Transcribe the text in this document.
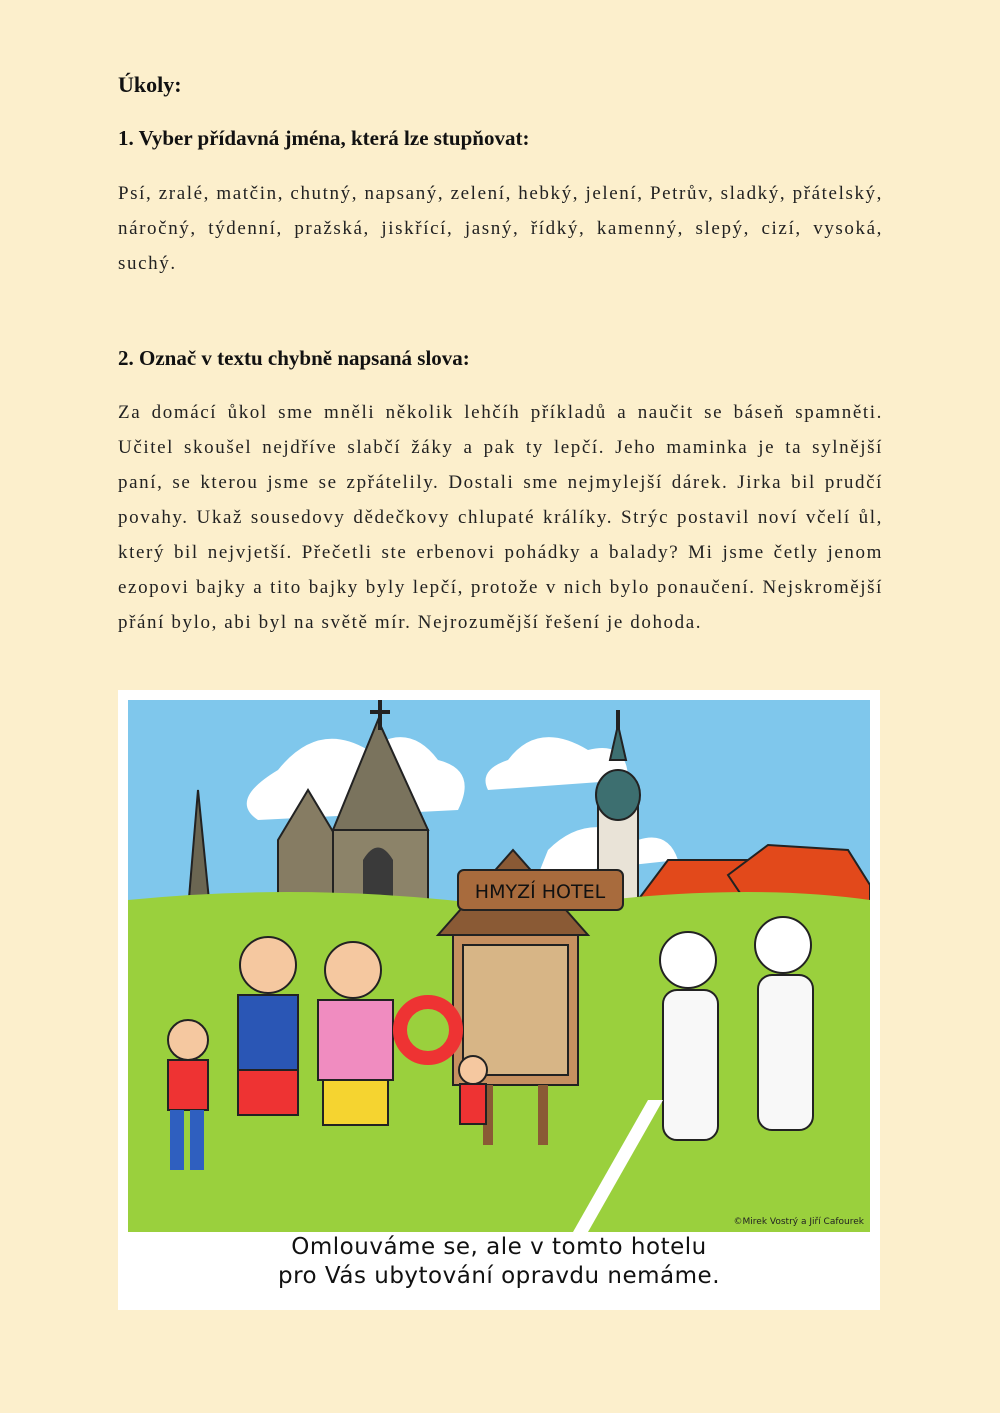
Úkoly:
1. Vyber přídavná jména, která lze stupňovat:

Psí, zralé, matčin, chutný, napsaný, zelení, hebký, jelení, Petrův, sladký, přátelský, náročný, týdenní, pražská, jiskřící, jasný, řídký, kamenný, slepý, cizí, vysoká, suchý.

2. Označ v textu chybně napsaná slova:

Za domácí ůkol sme mněli několik lehčíh příkladů a naučit se báseň spamněti. Učitel skoušel nejdříve slabčí žáky a pak ty lepčí. Jeho maminka je ta sylnější paní, se kterou jsme se zpřátelily. Dostali sme nejmylejší dárek. Jirka bil prudčí povahy. Ukaž sousedovy dědečkovy chlupaté králíky. Strýc postavil noví včelí ůl, který bil nejvjetší. Přečetli ste erbenovi pohádky a balady? Mi jsme četly jenom ezopovi bajky a tito bajky byly lepčí, protože v nich bylo ponaučení. Nejskromější přání bylo, abi byl na světě mír. Nejrozumější řešení je dohoda.

HMYZÍ HOTEL
©Mirek Vostrý a Jiří Cafourek
Omlouváme se, ale v tomto hotelu
pro Vás ubytování opravdu nemáme.
